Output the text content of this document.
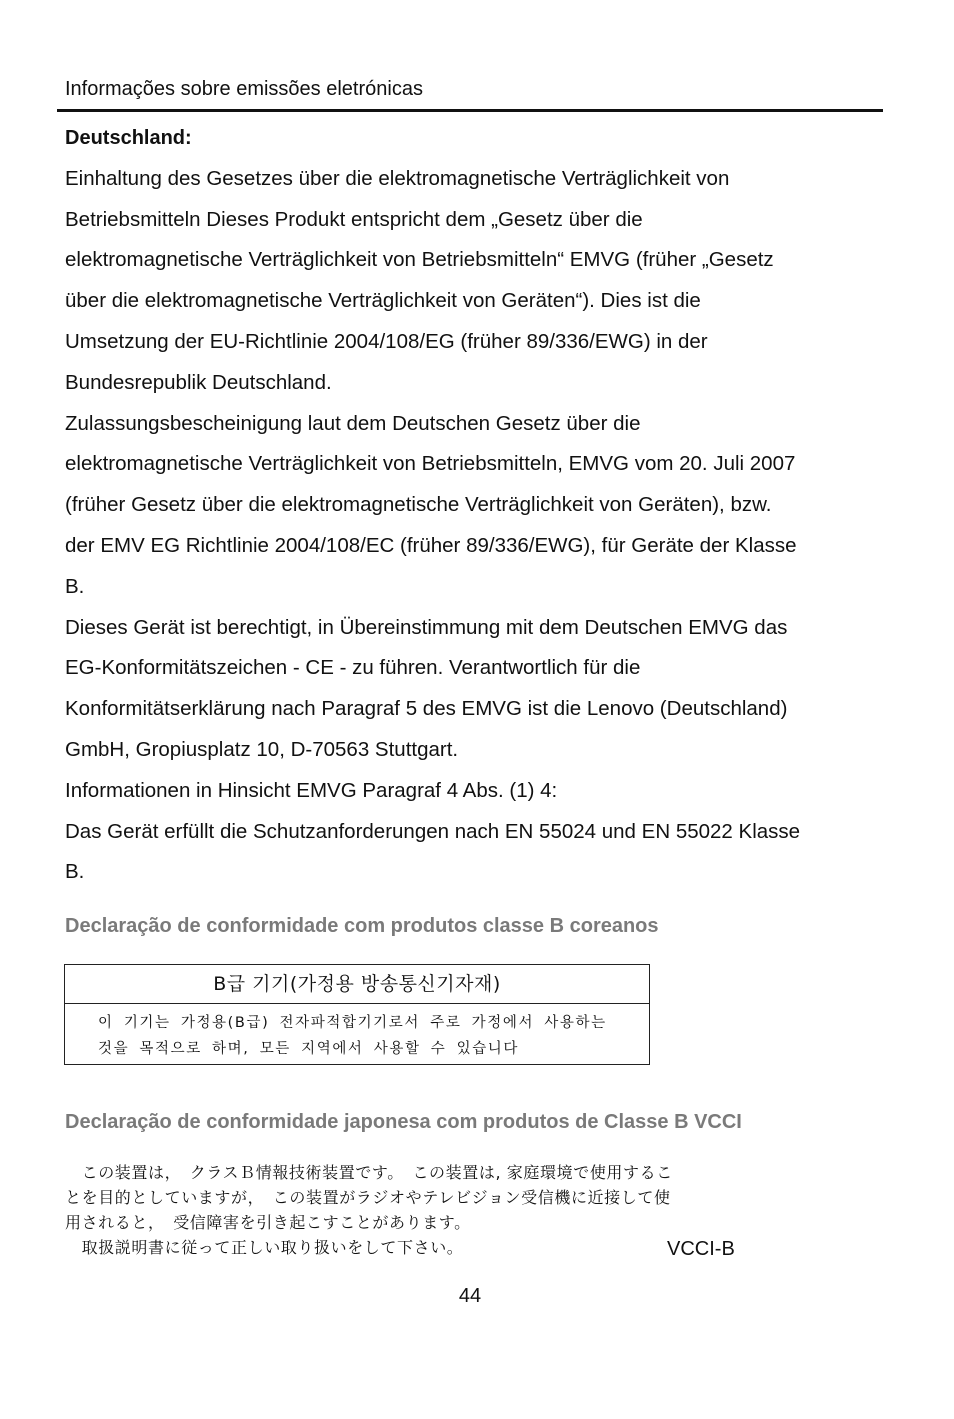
Informações sobre emissões eletrónicas
Deutschland:

Einhaltung des Gesetzes über die elektromagnetische Verträglichkeit von

Betriebsmitteln Dieses Produkt entspricht dem „Gesetz über die

elektromagnetische Verträglichkeit von Betriebsmitteln“ EMVG (früher „Gesetz

über die elektromagnetische Verträglichkeit von Geräten“). Dies ist die

Umsetzung der EU-Richtlinie 2004/108/EG (früher 89/336/EWG) in der

Bundesrepublik Deutschland.

Zulassungsbescheinigung laut dem Deutschen Gesetz über die

elektromagnetische Verträglichkeit von Betriebsmitteln, EMVG vom 20. Juli 2007

(früher Gesetz über die elektromagnetische Verträglichkeit von Geräten), bzw.

der EMV EG Richtlinie 2004/108/EC (früher 89/336/EWG), für Geräte der Klasse

B.

Dieses Gerät ist berechtigt, in Übereinstimmung mit dem Deutschen EMVG das

EG-Konformitätszeichen - CE - zu führen. Verantwortlich für die

Konformitätserklärung nach Paragraf 5 des EMVG ist die Lenovo (Deutschland)

GmbH, Gropiusplatz 10, D-70563 Stuttgart.

Informationen in Hinsicht EMVG Paragraf 4 Abs. (1) 4:

Das Gerät erfüllt die Schutzanforderungen nach EN 55024 und EN 55022 Klasse

B.

Declaração de conformidade com produtos classe B coreanos
B급 기기(가정용 방송통신기자재)
이 기기는 가정용(B급) 전자파적합기기로서 주로 가정에서 사용하는
것을 목적으로 하며, 모든 지역에서 사용할 수 있습니다
Declaração de conformidade japonesa com produtos de Classe B VCCI
　この装置は，　クラスＢ情報技術装置です。　この装置は, 家庭環境で使用するこ
とを目的としていますが，　この装置がラジオやテレビジョン受信機に近接して使
用されると，　受信障害を引き起こすことがあります。
　取扱説明書に従って正しい取り扱いをして下さい。	VCCI-B
44
